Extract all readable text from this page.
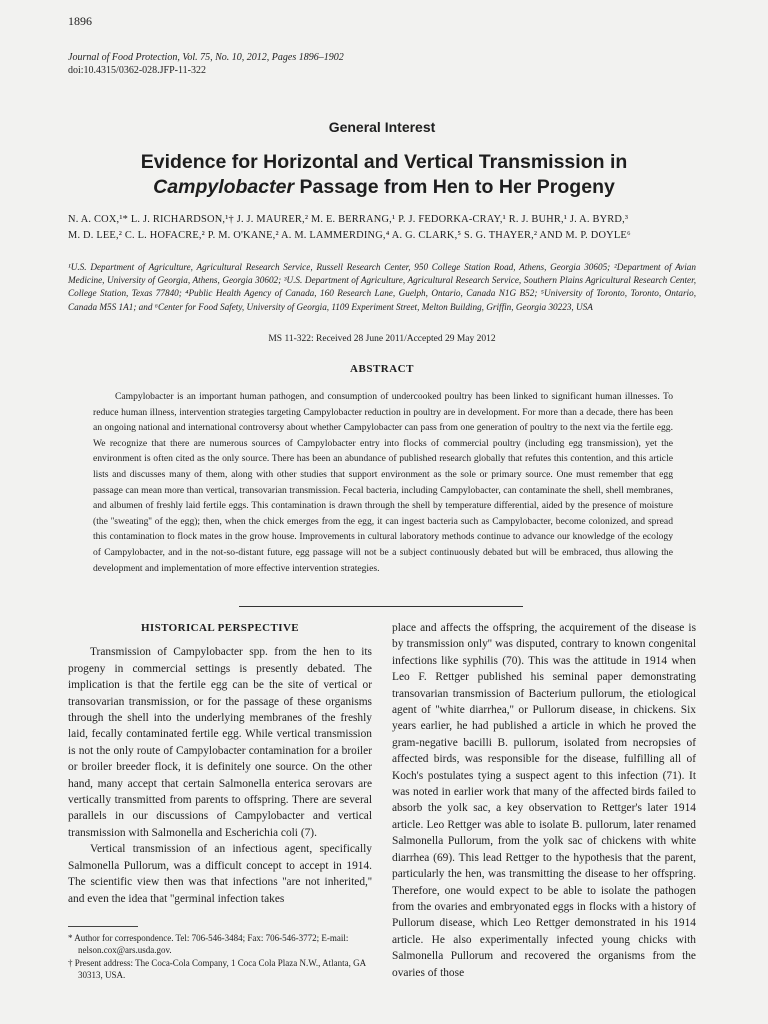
1896
Journal of Food Protection, Vol. 75, No. 10, 2012, Pages 1896–1902
doi:10.4315/0362-028.JFP-11-322
General Interest
Evidence for Horizontal and Vertical Transmission in
Campylobacter Passage from Hen to Her Progeny
N. A. COX,¹* L. J. RICHARDSON,¹† J. J. MAURER,² M. E. BERRANG,¹ P. J. FEDORKA-CRAY,¹ R. J. BUHR,¹ J. A. BYRD,³
M. D. LEE,² C. L. HOFACRE,² P. M. O'KANE,² A. M. LAMMERDING,⁴ A. G. CLARK,⁵ S. G. THAYER,² AND M. P. DOYLE⁶
¹U.S. Department of Agriculture, Agricultural Research Service, Russell Research Center, 950 College Station Road, Athens, Georgia 30605; ²Department of Avian Medicine, University of Georgia, Athens, Georgia 30602; ³U.S. Department of Agriculture, Agricultural Research Service, Southern Plains Agricultural Research Center, College Station, Texas 77840; ⁴Public Health Agency of Canada, 160 Research Lane, Guelph, Ontario, Canada N1G B52; ⁵University of Toronto, Toronto, Ontario, Canada M5S 1A1; and ⁶Center for Food Safety, University of Georgia, 1109 Experiment Street, Melton Building, Griffin, Georgia 30223, USA
MS 11-322: Received 28 June 2011/Accepted 29 May 2012
ABSTRACT

Campylobacter is an important human pathogen, and consumption of undercooked poultry has been linked to significant human illnesses. To reduce human illness, intervention strategies targeting Campylobacter reduction in poultry are in development. For more than a decade, there has been an ongoing national and international controversy about whether Campylobacter can pass from one generation of poultry to the next via the fertile egg. We recognize that there are numerous sources of Campylobacter entry into flocks of commercial poultry (including egg transmission), yet the environment is often cited as the only source. There has been an abundance of published research globally that refutes this contention, and this article lists and discusses many of them, along with other studies that support environment as the sole or primary source. One must remember that egg passage can mean more than vertical, transovarian transmission. Fecal bacteria, including Campylobacter, can contaminate the shell, shell membranes, and albumen of freshly laid fertile eggs. This contamination is drawn through the shell by temperature differential, aided by the presence of moisture (the ''sweating'' of the egg); then, when the chick emerges from the egg, it can ingest bacteria such as Campylobacter, become colonized, and spread this contamination to flock mates in the grow house. Improvements in cultural laboratory methods continue to advance our knowledge of the ecology of Campylobacter, and in the not-so-distant future, egg passage will not be a subject continuously debated but will be embraced, thus allowing the development and implementation of more effective intervention strategies.

HISTORICAL PERSPECTIVE

Transmission of Campylobacter spp. from the hen to its progeny in commercial settings is presently debated. The implication is that the fertile egg can be the site of vertical or transovarian transmission, or for the passage of these organisms through the shell into the underlying membranes of the freshly laid, fecally contaminated fertile egg. While vertical transmission is not the only route of Campylobacter contamination for a broiler or broiler breeder flock, it is definitely one source. On the other hand, many accept that certain Salmonella enterica serovars are vertically transmitted from parents to offspring. There are several parallels in our discussions of Campylobacter and vertical transmission with Salmonella and Escherichia coli (7).

Vertical transmission of an infectious agent, specifically Salmonella Pullorum, was a difficult concept to accept in 1914. The scientific view then was that infections ''are not inherited,'' and even the idea that ''germinal infection takes

* Author for correspondence. Tel: 706-546-3484; Fax: 706-546-3772; E-mail: nelson.cox@ars.usda.gov.
† Present address: The Coca-Cola Company, 1 Coca Cola Plaza N.W., Atlanta, GA 30313, USA.

place and affects the offspring, the acquirement of the disease is by transmission only'' was disputed, contrary to known congenital infections like syphilis (70). This was the attitude in 1914 when Leo F. Rettger published his seminal paper demonstrating transovarian transmission of Bacterium pullorum, the etiological agent of ''white diarrhea,'' or Pullorum disease, in chickens. Six years earlier, he had published a article in which he proved the gram-negative bacilli B. pullorum, isolated from necropsies of affected birds, was responsible for the disease, fulfilling all of Koch's postulates tying a suspect agent to this infection (71). It was noted in earlier work that many of the affected birds failed to absorb the yolk sac, a key observation to Rettger's later 1914 article. Leo Rettger was able to isolate B. pullorum, later renamed Salmonella Pullorum, from the yolk sac of chickens with white diarrhea (69). This lead Rettger to the hypothesis that the parent, particularly the hen, was transmitting the disease to her offspring. Therefore, one would expect to be able to isolate the pathogen from the ovaries and embryonated eggs in flocks with a history of Pullorum disease, which Leo Rettger demonstrated in his 1914 article. He also experimentally infected young chicks with Salmonella Pullorum and recovered the organisms from the ovaries of those
